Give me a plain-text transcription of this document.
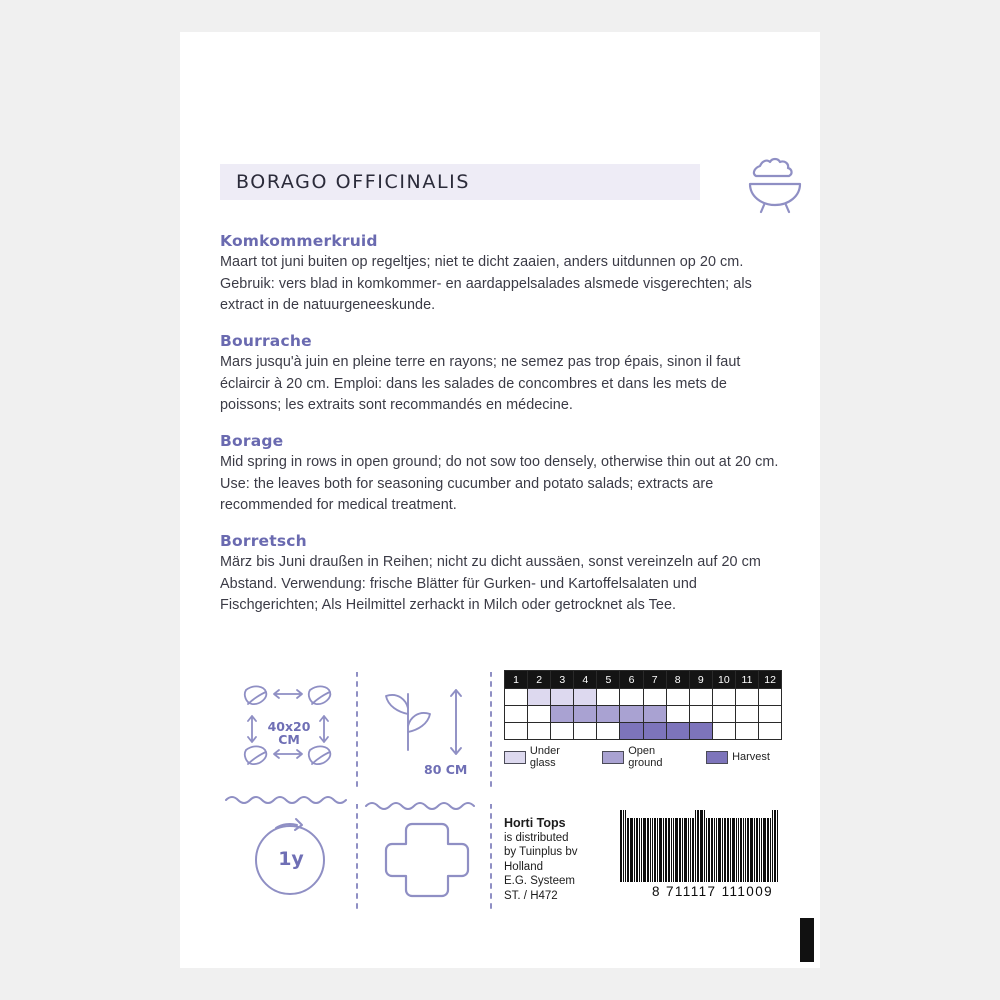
BORAGO OFFICINALIS
Komkommerkruid

Maart tot juni buiten op regeltjes; niet te dicht zaaien, anders uitdunnen op 20 cm. Gebruik: vers blad in komkommer- en aardappelsalades alsmede visgerechten; als extract in de natuurgeneeskunde.

Bourrache

Mars jusqu'à juin en pleine terre en rayons; ne semez pas trop épais, sinon il faut éclaircir à 20 cm. Emploi: dans les salades de concombres et dans les mets de poissons; les extraits sont recommandés en médecine.

Borage

Mid spring in rows in open ground; do not sow too densely, otherwise thin out at 20 cm. Use: the leaves both for seasoning cucumber and potato salads; extracts are recommended for medical treatment.

Borretsch

März bis Juni draußen in Reihen; nicht zu dicht aussäen, sonst vereinzeln auf 20 cm Abstand. Verwendung: frische Blätter für Gurken- und Kartoffelsalaten und Fischgerichten; Als Heilmittel zerhackt in Milch oder getrocknet als Tee.

40x20 CM
80 CM
1y
1	2	3	4	5	6	7	8	9	10	11	12

Under glass
Open ground	Harvest
Horti Tops
is distributed
by Tuinplus bv
Holland
E.G. Systeem
ST. / H472	8 711117 111009
